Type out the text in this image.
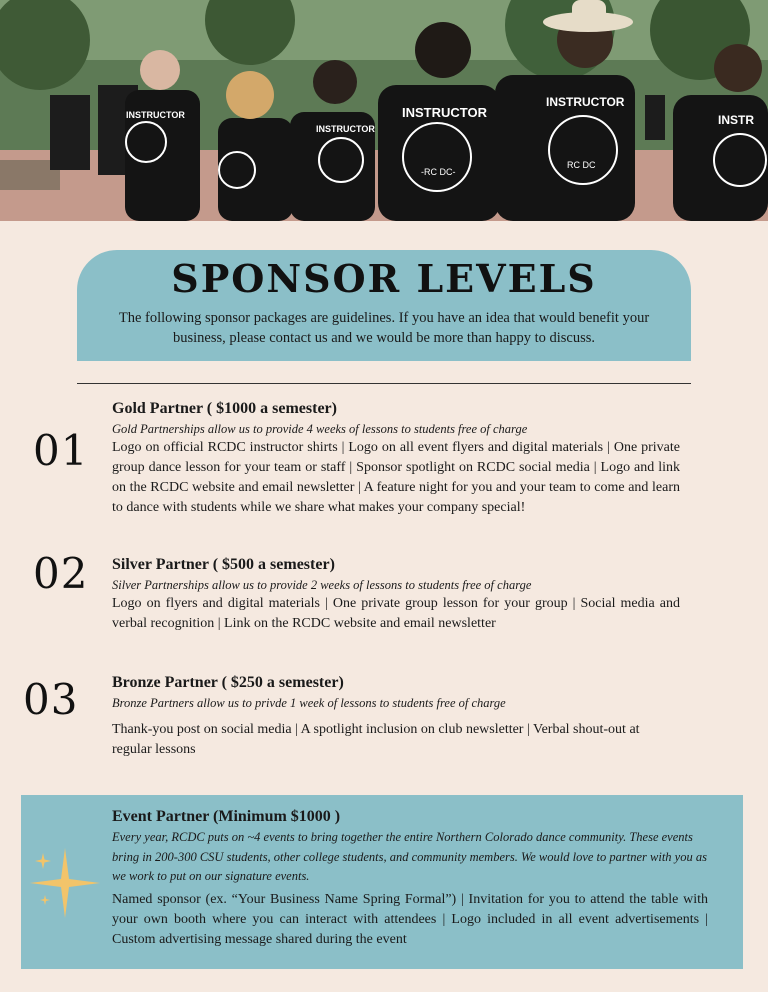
INSTRUCTOR
INSTRUCTOR
INSTRUCTOR
INSTRUCTOR	INSTR
-RC DC-
RC DC
SPONSOR LEVELS
The following sponsor packages are guidelines. If you have an idea that would benefit your business, please contact us and we would be more than happy to discuss.
01
Gold Partner ( $1000 a semester)
Gold Partnerships allow us to provide 4 weeks of lessons to students free of charge
Logo on official RCDC instructor shirts | Logo on all event flyers and digital materials | One private group dance lesson for your team or staff | Sponsor spotlight on RCDC social media | Logo and link on the RCDC website and email newsletter | A feature night for you and your team to come and learn to dance with students while we share what makes your company special!
02 Silver Partner ( $500 a semester)
Silver Partnerships allow us to provide 2 weeks of lessons to students free of charge
Logo on flyers and digital materials | One private group lesson for your group | Social media and verbal recognition | Link on the RCDC website and email newsletter
03 Bronze Partner ( $250 a semester)
Bronze Partners allow us to privde 1 week of lessons to students free of charge
Thank-you post on social media | A spotlight inclusion on club newsletter | Verbal shout-out at regular lessons
Event Partner (Minimum $1000 )
Every year, RCDC puts on ~4 events to bring together the entire Northern Colorado dance community. These events bring in 200-300 CSU students, other college students, and community members. We would love to partner with you as we work to put on our signature events.
Named sponsor (ex. “Your Business Name Spring Formal”) | Invitation for you to attend the table with your own booth where you can interact with attendees | Logo included in all event advertisements | Custom advertising message shared during the event
